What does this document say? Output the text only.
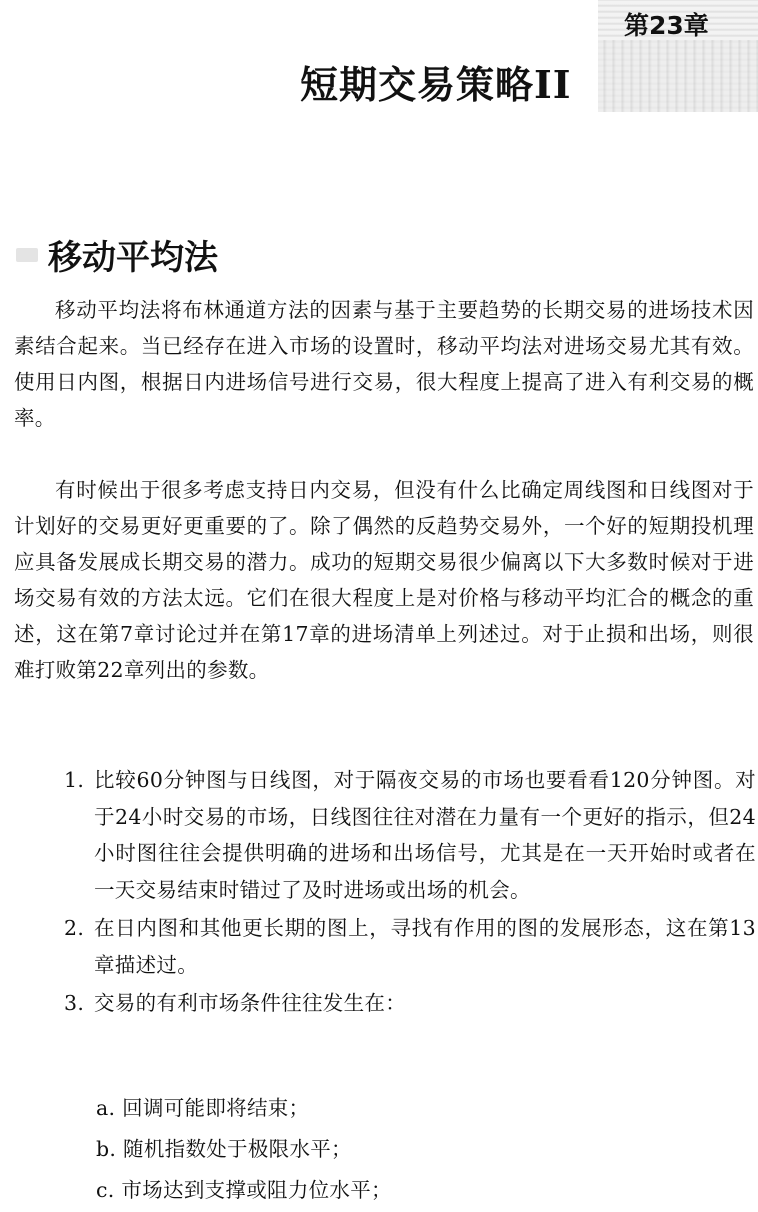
第23章
短期交易策略II
移动平均法

移动平均法将布林通道方法的因素与基于主要趋势的长期交易的进场技术因素结合起来。当已经存在进入市场的设置时，移动平均法对进场交易尤其有效。使用日内图，根据日内进场信号进行交易，很大程度上提高了进入有利交易的概率。

有时候出于很多考虑支持日内交易，但没有什么比确定周线图和日线图对于计划好的交易更好更重要的了。除了偶然的反趋势交易外，一个好的短期投机理应具备发展成长期交易的潜力。成功的短期交易很少偏离以下大多数时候对于进场交易有效的方法太远。它们在很大程度上是对价格与移动平均汇合的概念的重述，这在第7章讨论过并在第17章的进场清单上列述过。对于止损和出场，则很难打败第22章列出的参数。

1. 比较60分钟图与日线图，对于隔夜交易的市场也要看看120分钟图。对于24小时交易的市场，日线图往往对潜在力量有一个更好的指示，但24小时图往往会提供明确的进场和出场信号，尤其是在一天开始时或者在一天交易结束时错过了及时进场或出场的机会。
2. 在日内图和其他更长期的图上，寻找有作用的图的发展形态，这在第13章描述过。
3. 交易的有利市场条件往往发生在：
a. 回调可能即将结束；
b. 随机指数处于极限水平；
c. 市场达到支撑或阻力位水平；
